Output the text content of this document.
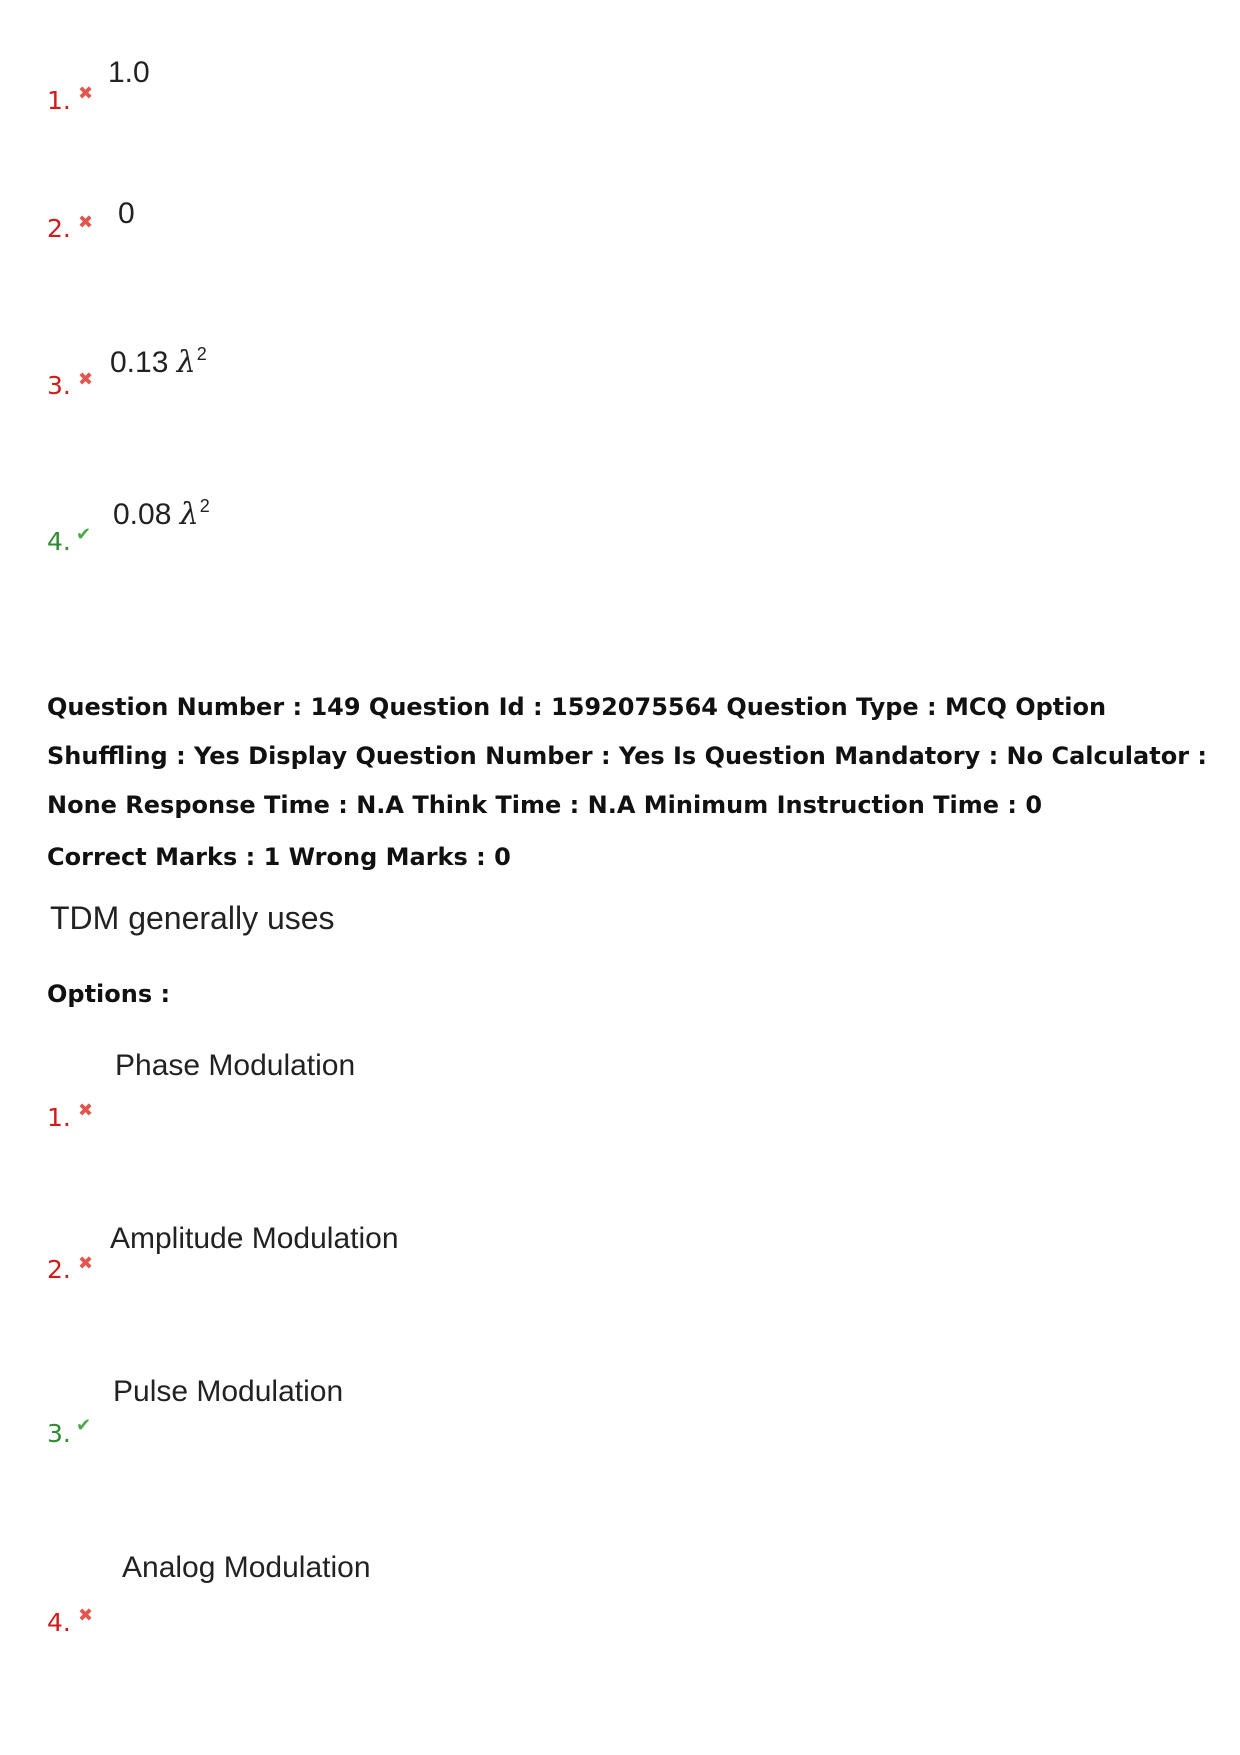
1. ✖
1.0
2. ✖ 0
3. ✖
0.13 $\lambda^2$
4. ✔
0.08 $\lambda^2$
Question Number : 149 Question Id : 1592075564 Question Type : MCQ Option Shuffling : Yes Display Question Number : Yes Is Question Mandatory : No Calculator : None Response Time : N.A Think Time : N.A Minimum Instruction Time : 0
Correct Marks : 1 Wrong Marks : 0
TDM generally uses
Options :
1. ✖
Phase Modulation
2. ✖
Amplitude Modulation
3. ✔
Pulse Modulation
4. ✖
Analog Modulation
